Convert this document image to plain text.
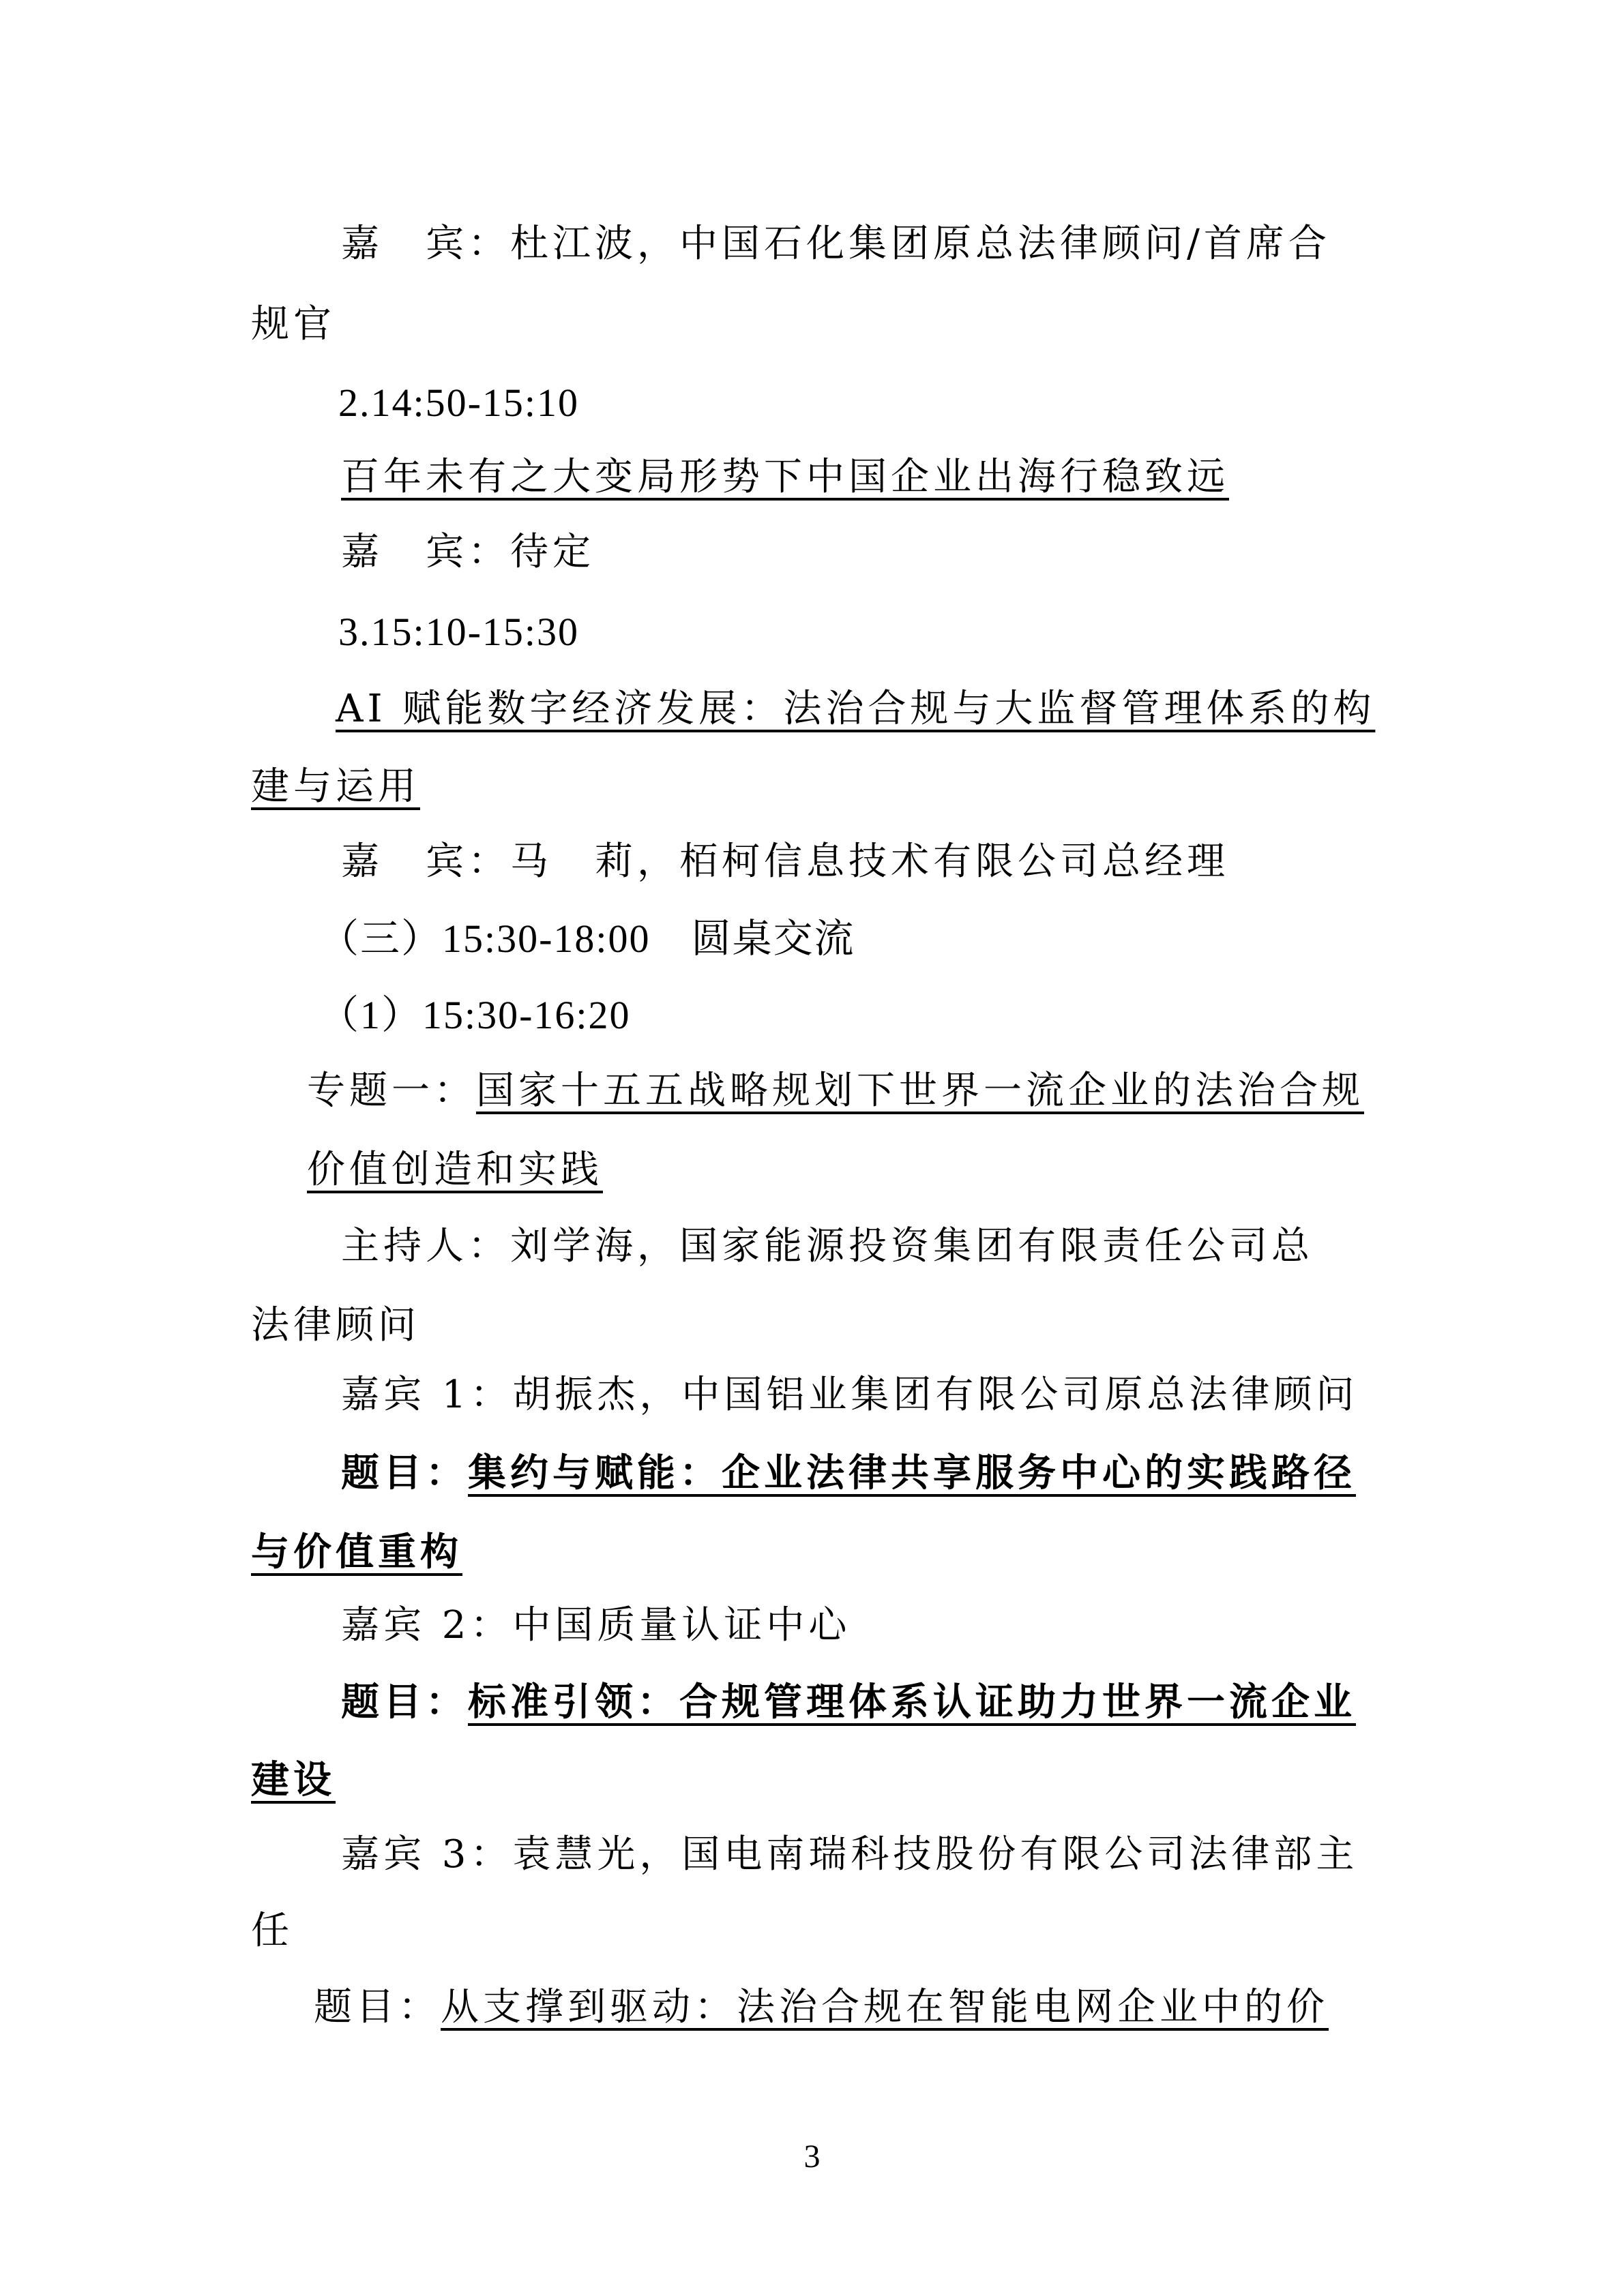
嘉　宾：杜江波，中国石化集团原总法律顾问/首席合
规官
2.14:50-15:10
百年未有之大变局形势下中国企业出海行稳致远
嘉　宾：待定
3.15:10-15:30
AI 赋能数字经济发展：法治合规与大监督管理体系的构
建与运用
嘉　宾：马　莉，栢柯信息技术有限公司总经理
（三）15:30-18:00　圆桌交流
（1）15:30-16:20
专题一：国家十五五战略规划下世界一流企业的法治合规
价值创造和实践
主持人：刘学海，国家能源投资集团有限责任公司总
法律顾问
嘉宾 1：胡振杰，中国铝业集团有限公司原总法律顾问
题目：集约与赋能：企业法律共享服务中心的实践路径
与价值重构
嘉宾 2：中国质量认证中心
题目：标准引领：合规管理体系认证助力世界一流企业
建设
嘉宾 3：袁慧光，国电南瑞科技股份有限公司法律部主
任
题目：从支撑到驱动：法治合规在智能电网企业中的价
3
